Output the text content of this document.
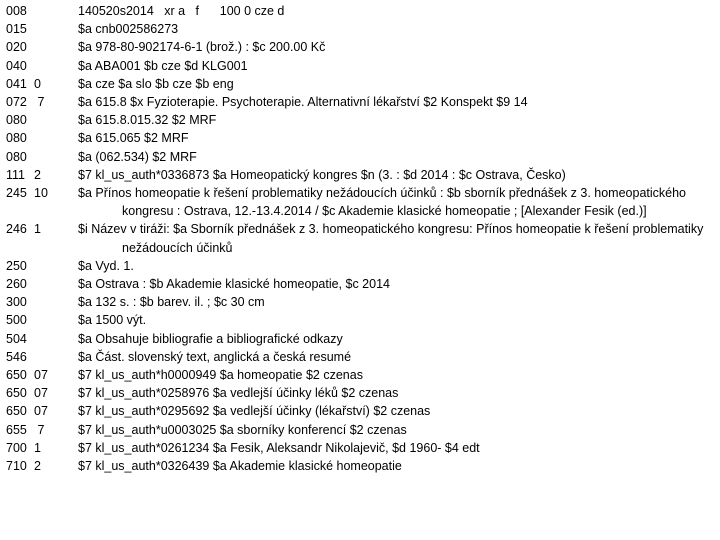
008	140520s2014   xr a   f      100 0 cze d
015	$a cnb002586273
020	$a 978-80-902174-6-1 (brož.) : $c 200.00 Kč
040	$a ABA001 $b cze $d KLG001
041 0	$a cze $a slo $b cze $b eng
072 7	$a 615.8 $x Fyzioterapie. Psychoterapie. Alternativní lékařství $2 Konspekt $9 14
080	$a 615.8.015.32 $2 MRF
080	$a 615.065 $2 MRF
080	$a (062.534) $2 MRF
111 2	$7 kl_us_auth*0336873 $a Homeopatický kongres $n (3. : $d 2014 : $c Ostrava, Česko)
245 10 $a Přínos homeopatie k řešení problematiky nežádoucích účinků : $b sborník přednášek z 3. homeopatického kongresu : Ostrava, 12.-13.4.2014 / $c Akademie klasické homeopatie ; [Alexander Fesik (ed.)]
246 1	$i Název v tiráži: $a Sborník přednášek z 3. homeopatického kongresu: Přínos homeopatie k řešení problematiky nežádoucích účinků
250	$a Vyd. 1.
260	$a Ostrava : $b Akademie klasické homeopatie, $c 2014
300	$a 132 s. : $b barev. il. ; $c 30 cm
500	$a 1500 výt.
504	$a Obsahuje bibliografie a bibliografické odkazy
546	$a Část. slovenský text, anglická a česká resumé
650 07 $7 kl_us_auth*h0000949 $a homeopatie $2 czenas
650 07 $7 kl_us_auth*0258976 $a vedlejší účinky léků $2 czenas
650 07 $7 kl_us_auth*0295692 $a vedlejší účinky (lékařství) $2 czenas
655 7	$7 kl_us_auth*u0003025 $a sborníky konferencí $2 czenas
700 1	$7 kl_us_auth*0261234 $a Fesik, Aleksandr Nikolajevič, $d 1960- $4 edt
710 2	$7 kl_us_auth*0326439 $a Akademie klasické homeopatie
